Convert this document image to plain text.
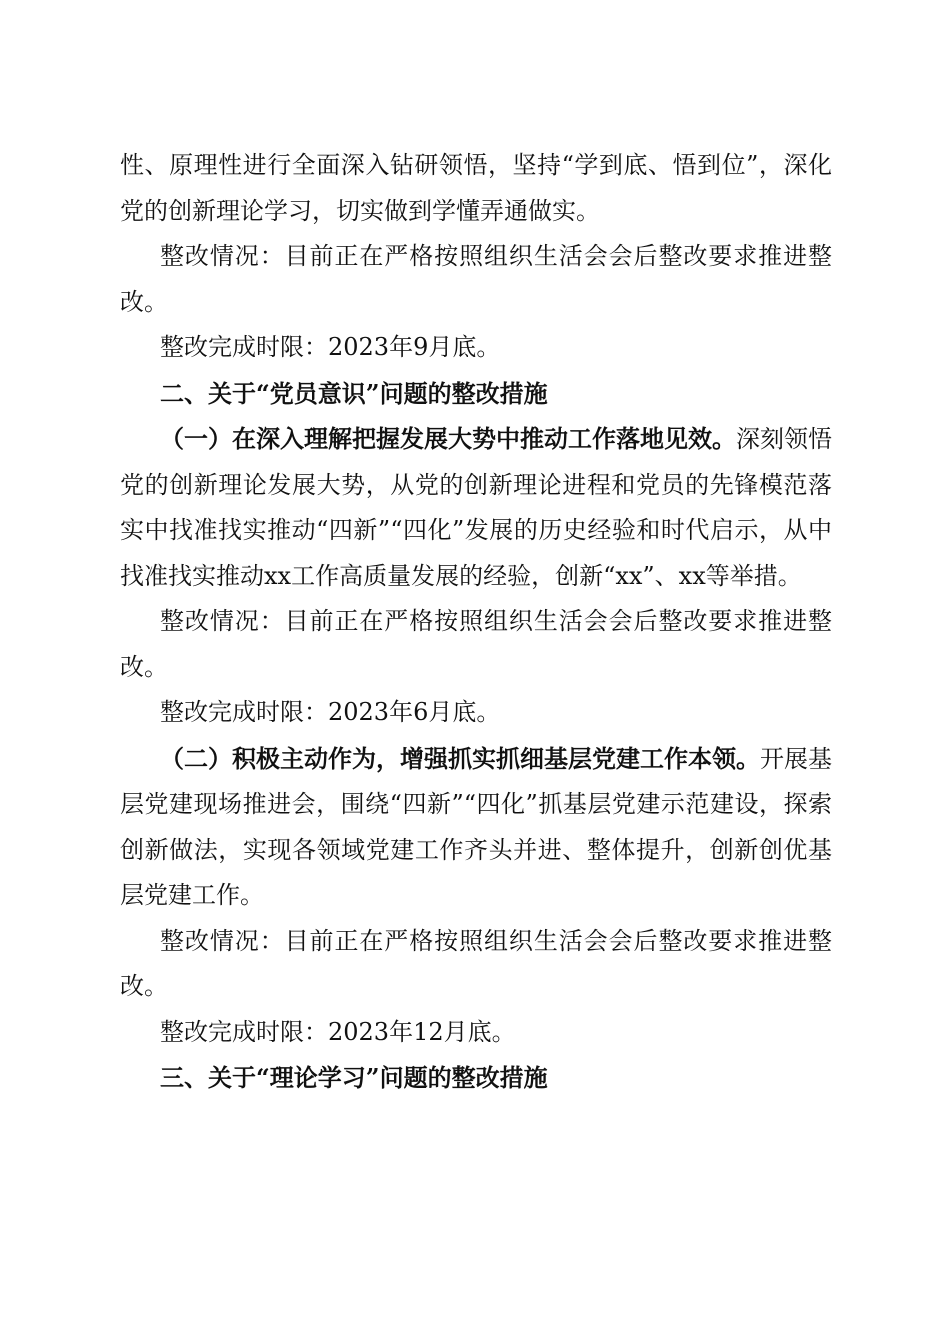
性、原理性进行全面深入钻研领悟，坚持“学到底、悟到位”，深化党的创新理论学习，切实做到学懂弄通做实。

整改情况：目前正在严格按照组织生活会会后整改要求推进整改。

整改完成时限：2023年9月底。

二、关于“党员意识”问题的整改措施

（一）在深入理解把握发展大势中推动工作落地见效。深刻领悟党的创新理论发展大势，从党的创新理论进程和党员的先锋模范落实中找准找实推动“四新”“四化”发展的历史经验和时代启示，从中找准找实推动xx工作高质量发展的经验，创新“xx”、xx等举措。

整改情况：目前正在严格按照组织生活会会后整改要求推进整改。

整改完成时限：2023年6月底。

（二）积极主动作为，增强抓实抓细基层党建工作本领。开展基层党建现场推进会，围绕“四新”“四化”抓基层党建示范建设，探索创新做法，实现各领域党建工作齐头并进、整体提升，创新创优基层党建工作。

整改情况：目前正在严格按照组织生活会会后整改要求推进整改。

整改完成时限：2023年12月底。

三、关于“理论学习”问题的整改措施
